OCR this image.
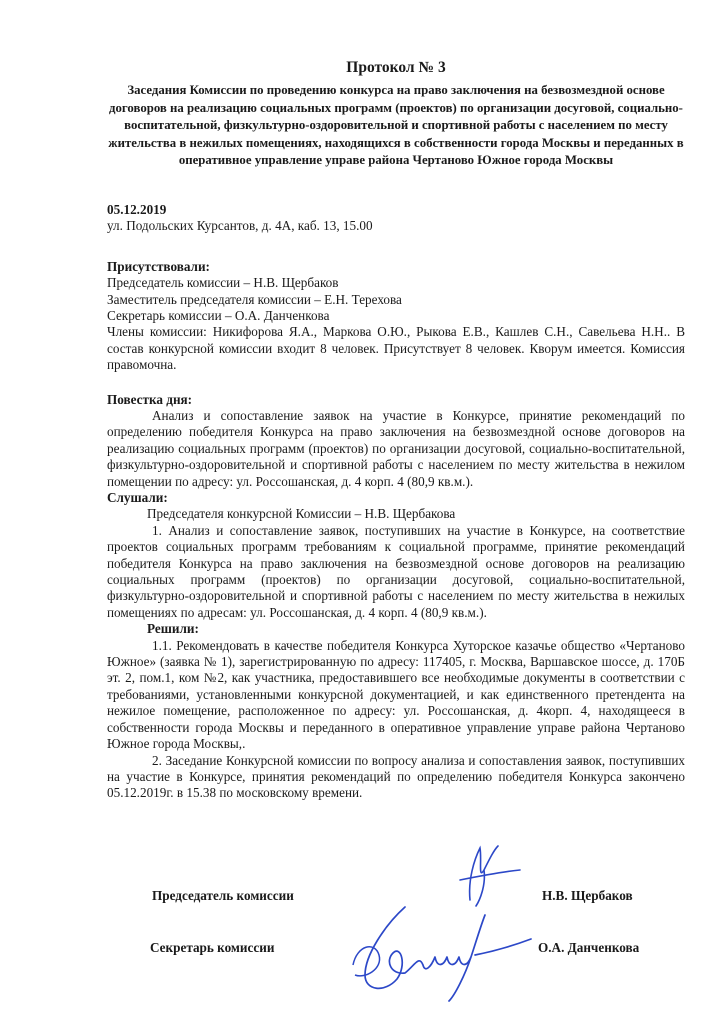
Протокол № 3

Заседания Комиссии по проведению конкурса на право заключения на безвозмездной основе договоров на реализацию социальных программ (проектов) по организации досуговой, социально-воспитательной, физкультурно-оздоровительной и спортивной работы с населением по месту жительства в нежилых помещениях, находящихся в собственности города Москвы и переданных в оперативное управление управе района Чертаново Южное города Москвы

05.12.2019

ул. Подольских Курсантов, д. 4А, каб. 13, 15.00

Присутствовали:

Председатель комиссии – Н.В. Щербаков

Заместитель председателя комиссии – Е.Н. Терехова

Секретарь комиссии – О.А. Данченкова

Члены комиссии: Никифорова Я.А., Маркова О.Ю., Рыкова Е.В., Кашлев С.Н., Савельева Н.Н.. В состав конкурсной комиссии входит 8 человек. Присутствует 8 человек. Кворум имеется. Комиссия правомочна.

Повестка дня:

Анализ и сопоставление заявок на участие в Конкурсе, принятие рекомендаций по определению победителя Конкурса на право заключения на безвозмездной основе договоров на реализацию социальных программ (проектов) по организации досуговой, социально-воспитательной, физкультурно-оздоровительной и спортивной работы с населением по месту жительства в нежилом помещении по адресу: ул. Россошанская, д. 4 корп. 4 (80,9 кв.м.).

Слушали:

Председателя конкурсной Комиссии – Н.В. Щербакова

1. Анализ и сопоставление заявок, поступивших на участие в Конкурсе, на соответствие проектов социальных программ требованиям к социальной программе, принятие рекомендаций победителя Конкурса на право заключения на безвозмездной основе договоров на реализацию социальных программ (проектов) по организации досуговой, социально-воспитательной, физкультурно-оздоровительной и спортивной работы с населением по месту жительства в нежилых помещениях по адресам: ул. Россошанская, д. 4 корп. 4 (80,9 кв.м.).

Решили:

1.1. Рекомендовать в качестве победителя Конкурса Хуторское казачье общество «Чертаново Южное» (заявка № 1), зарегистрированную по адресу: 117405, г. Москва, Варшавское шоссе, д. 170Б эт. 2, пом.1, ком №2, как участника, предоставившего все необходимые документы в соответствии с требованиями, установленными конкурсной документацией, и как единственного претендента на нежилое помещение, расположенное по адресу: ул. Россошанская, д. 4корп. 4, находящееся в собственности города Москвы и переданного в оперативное управление управе района Чертаново Южное города Москвы,.

2. Заседание Конкурсной комиссии по вопросу анализа и сопоставления заявок, поступивших на участие в Конкурсе, принятия рекомендаций по определению победителя Конкурса закончено 05.12.2019г. в 15.38 по московскому времени.

Председатель комиссии	Н.В. Щербаков
Секретарь комиссии	О.А. Данченкова
